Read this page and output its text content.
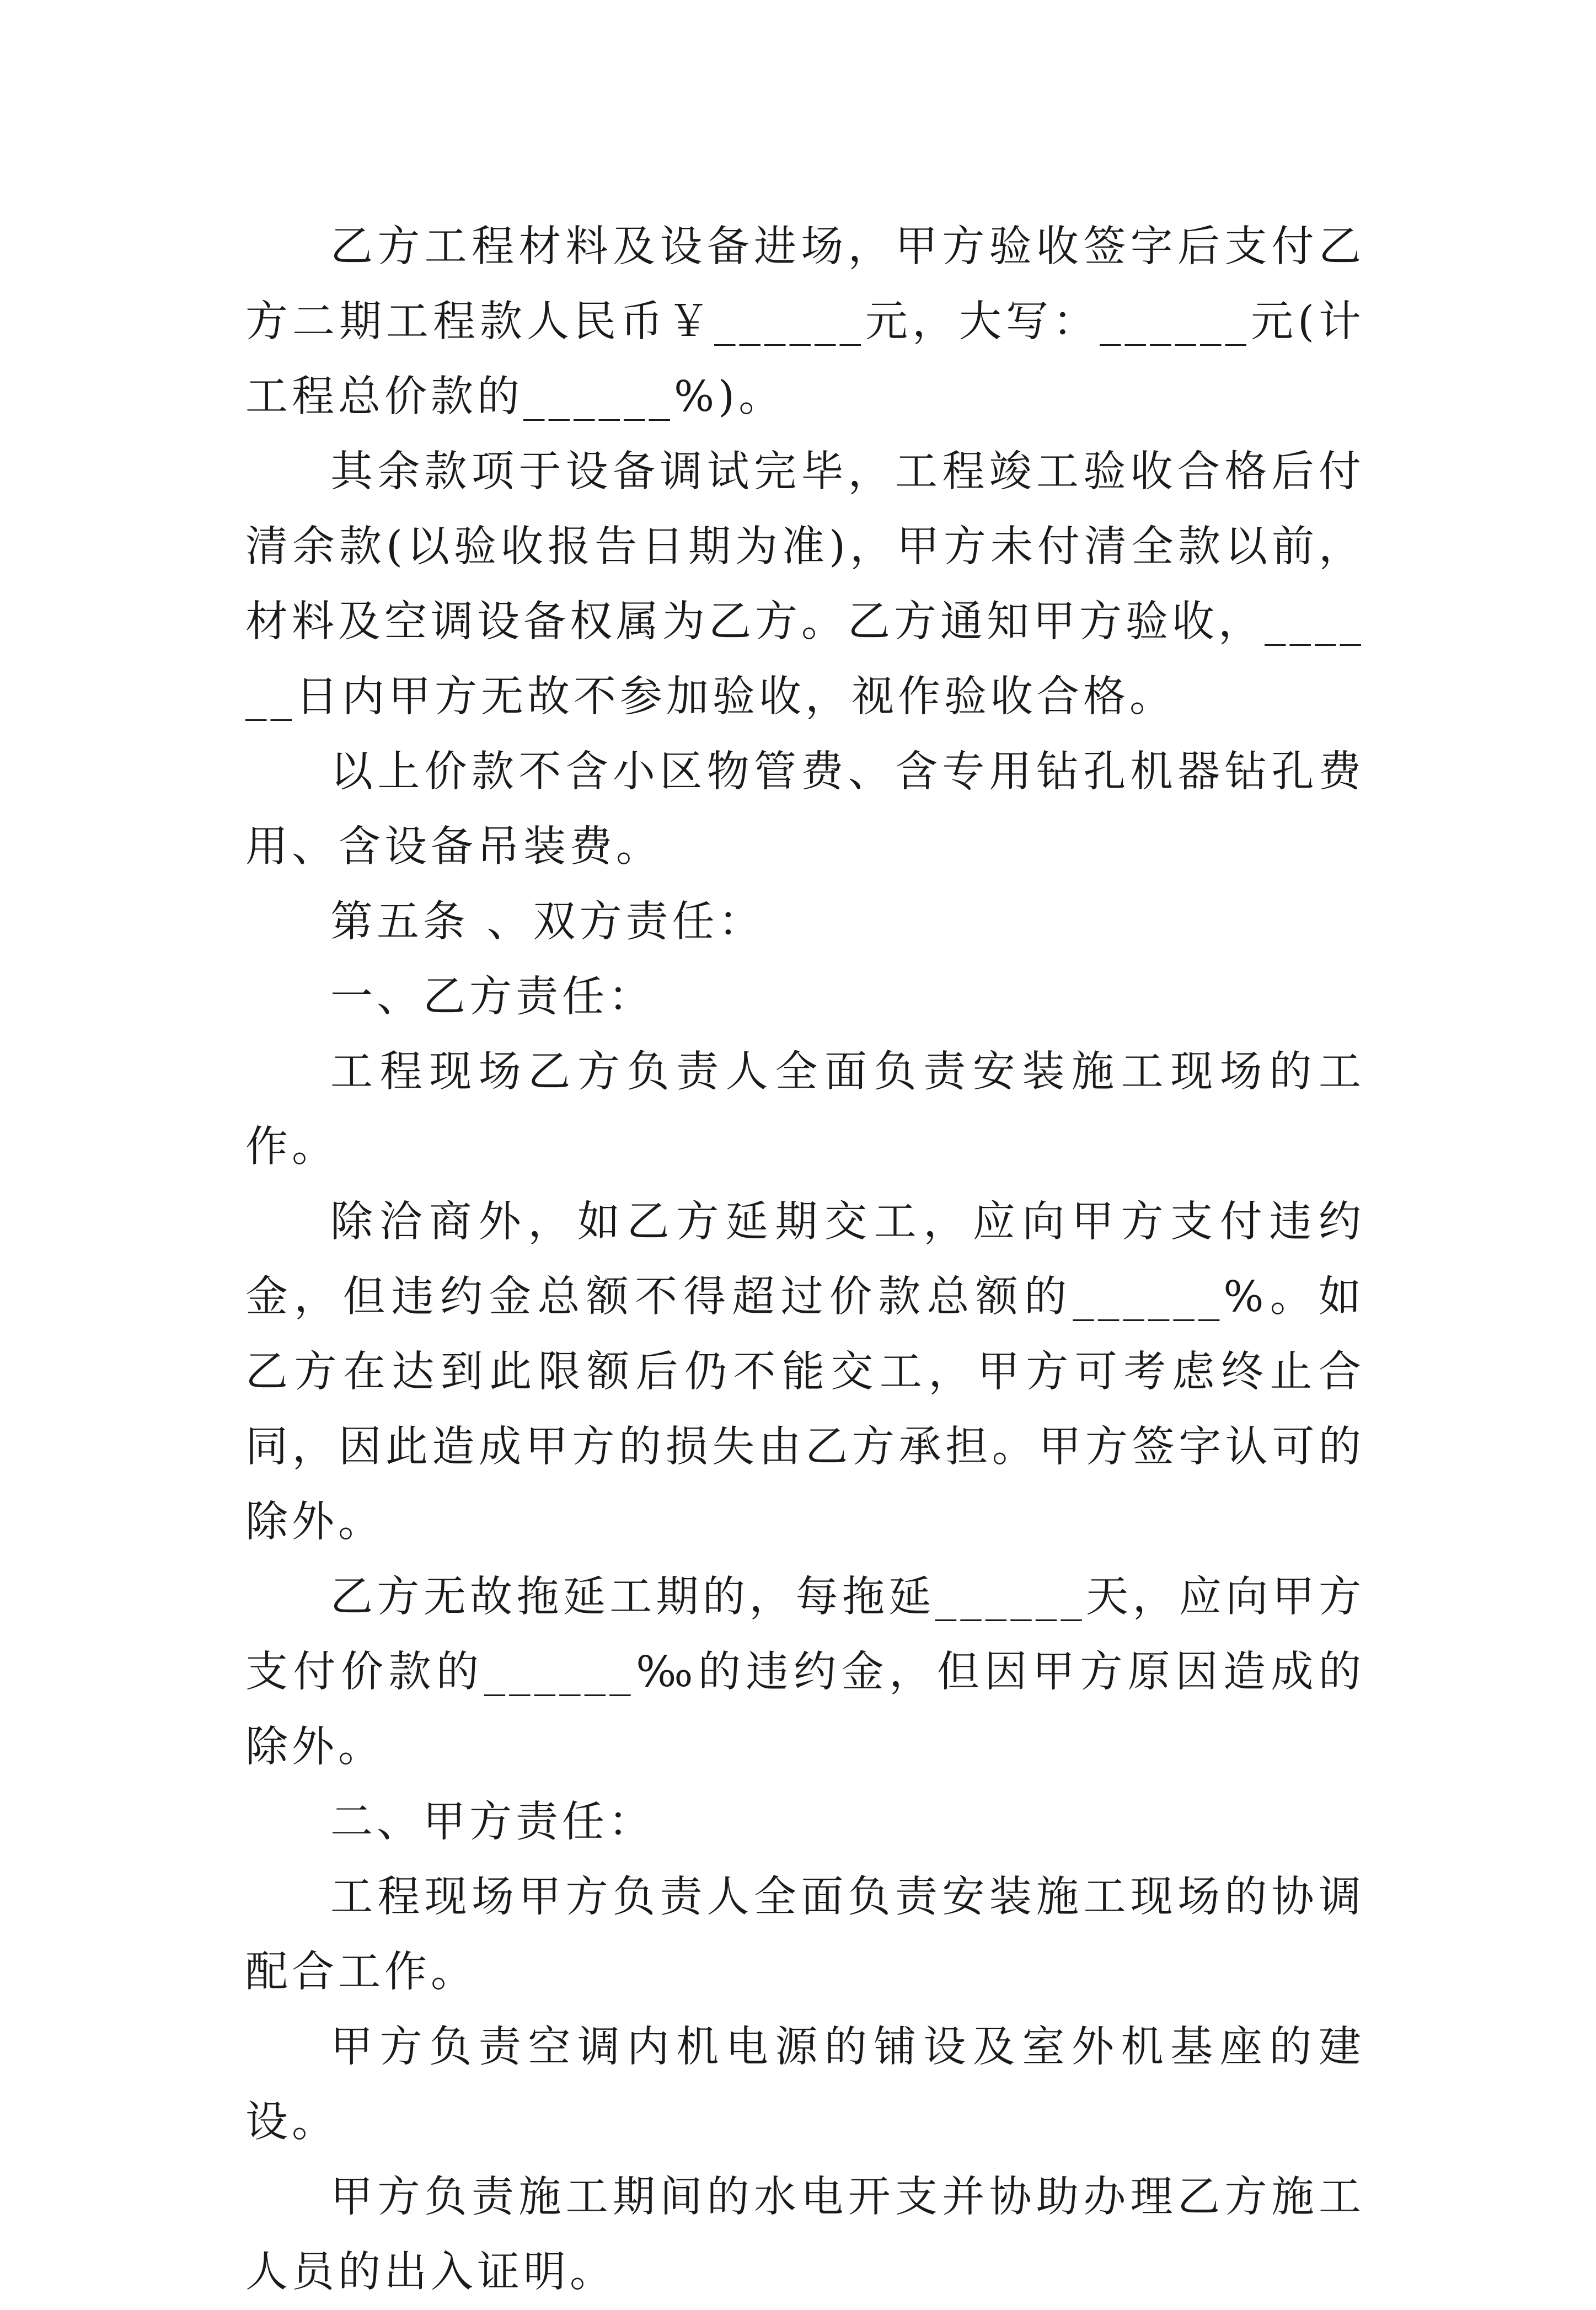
乙方工程材料及设备进场，甲方验收签字后支付乙方二期工程款人民币￥______元，大写：______元(计工程总价款的______%)。

其余款项于设备调试完毕，工程竣工验收合格后付清余款(以验收报告日期为准)，甲方未付清全款以前，材料及空调设备权属为乙方。乙方通知甲方验收，______日内甲方无故不参加验收，视作验收合格。

以上价款不含小区物管费、含专用钻孔机器钻孔费用、含设备吊装费。

第五条 、双方责任：

一、乙方责任：

工程现场乙方负责人全面负责安装施工现场的工作。

除洽商外，如乙方延期交工，应向甲方支付违约金，但违约金总额不得超过价款总额的______%。如乙方在达到此限额后仍不能交工，甲方可考虑终止合同，因此造成甲方的损失由乙方承担。甲方签字认可的除外。

乙方无故拖延工期的，每拖延______天，应向甲方支付价款的______‰的违约金，但因甲方原因造成的除外。

二、甲方责任：

工程现场甲方负责人全面负责安装施工现场的协调配合工作。

甲方负责空调内机电源的铺设及室外机基座的建设。

甲方负责施工期间的水电开支并协助办理乙方施工人员的出入证明。
